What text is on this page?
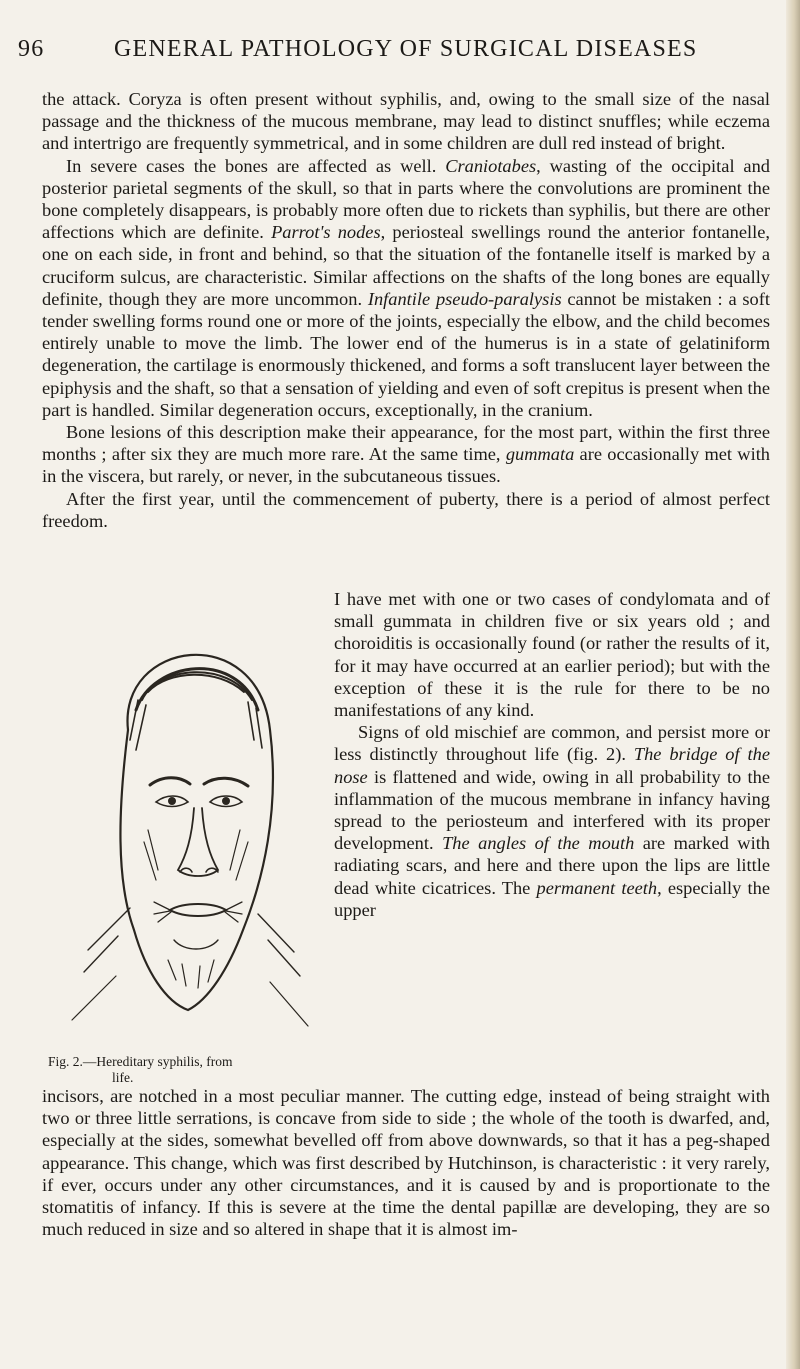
96	GENERAL PATHOLOGY OF SURGICAL DISEASES

the attack. Coryza is often present without syphilis, and, owing to the small size of the nasal passage and the thickness of the mucous membrane, may lead to distinct snuffles; while eczema and intertrigo are frequently symmetrical, and in some children are dull red instead of bright.

In severe cases the bones are affected as well. Craniotabes, wasting of the occipital and posterior parietal segments of the skull, so that in parts where the convolutions are prominent the bone completely disappears, is probably more often due to rickets than syphilis, but there are other affections which are definite. Parrot's nodes, periosteal swellings round the anterior fontanelle, one on each side, in front and behind, so that the situation of the fontanelle itself is marked by a cruciform sulcus, are characteristic. Similar affections on the shafts of the long bones are equally definite, though they are more uncommon. Infantile pseudo-paralysis cannot be mistaken : a soft tender swelling forms round one or more of the joints, especially the elbow, and the child becomes entirely unable to move the limb. The lower end of the humerus is in a state of gelatiniform degeneration, the cartilage is enormously thickened, and forms a soft translucent layer between the epiphysis and the shaft, so that a sensation of yielding and even of soft crepitus is present when the part is handled. Similar degeneration occurs, exceptionally, in the cranium.

Bone lesions of this description make their appearance, for the most part, within the first three months ; after six they are much more rare. At the same time, gummata are occasionally met with in the viscera, but rarely, or never, in the subcutaneous tissues.

After the first year, until the commencement of puberty, there is a period of almost perfect freedom.

Fig. 2.—Hereditary syphilis, from
life.

I have met with one or two cases of condylomata and of small gummata in children five or six years old ; and choroiditis is occasionally found (or rather the results of it, for it may have occurred at an earlier period); but with the exception of these it is the rule for there to be no manifestations of any kind.

Signs of old mischief are common, and persist more or less distinctly throughout life (fig. 2). The bridge of the nose is flattened and wide, owing in all probability to the inflammation of the mucous membrane in infancy having spread to the periosteum and interfered with its proper development. The angles of the mouth are marked with radiating scars, and here and there upon the lips are little dead white cicatrices. The permanent teeth, especially the upper

incisors, are notched in a most peculiar manner. The cutting edge, instead of being straight with two or three little serrations, is concave from side to side ; the whole of the tooth is dwarfed, and, especially at the sides, somewhat bevelled off from above downwards, so that it has a peg-shaped appearance. This change, which was first described by Hutchinson, is characteristic : it very rarely, if ever, occurs under any other circumstances, and it is caused by and is proportionate to the stomatitis of infancy. If this is severe at the time the dental papillæ are developing, they are so much reduced in size and so altered in shape that it is almost im-
